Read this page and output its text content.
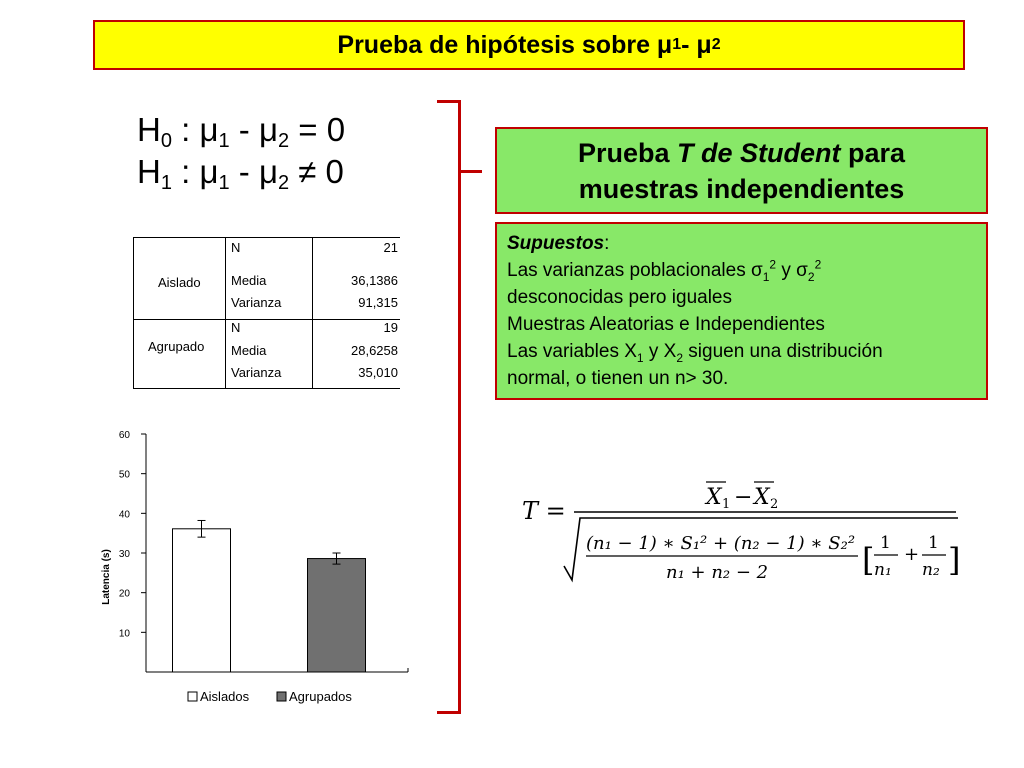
Prueba de hipótesis sobre μ 1 - μ 2
$H_0$ : $\mu_1 - \mu_2 = 0$
$H_1$ : $\mu_1 - \mu_2 \ne 0$
Prueba T de Student para
muestras independientes
Supuestos:
Las varianzas poblacionales $\sigma_1^2$ y $\sigma_2^2$
desconocidas pero iguales
Muestras Aleatorias e Independientes
Las variables $X_1$ y $X_2$ siguen una distribución
normal, o tienen un n> 30.
Aislado
N	21
Media	36,1386
Varianza	91,315
Agrupado
N	19
Media	28,6258
Varianza	35,010
10
20
30
40
50
60
Latencia (s)
Aislados	Agrupados
T =	X 1 − X 2
(n₁ − 1) ∗ S₁² + (n₂ − 1) ∗ S₂²
n₁ + n₂ − 2	[ 1
n₁
+
1
n₂ ]
